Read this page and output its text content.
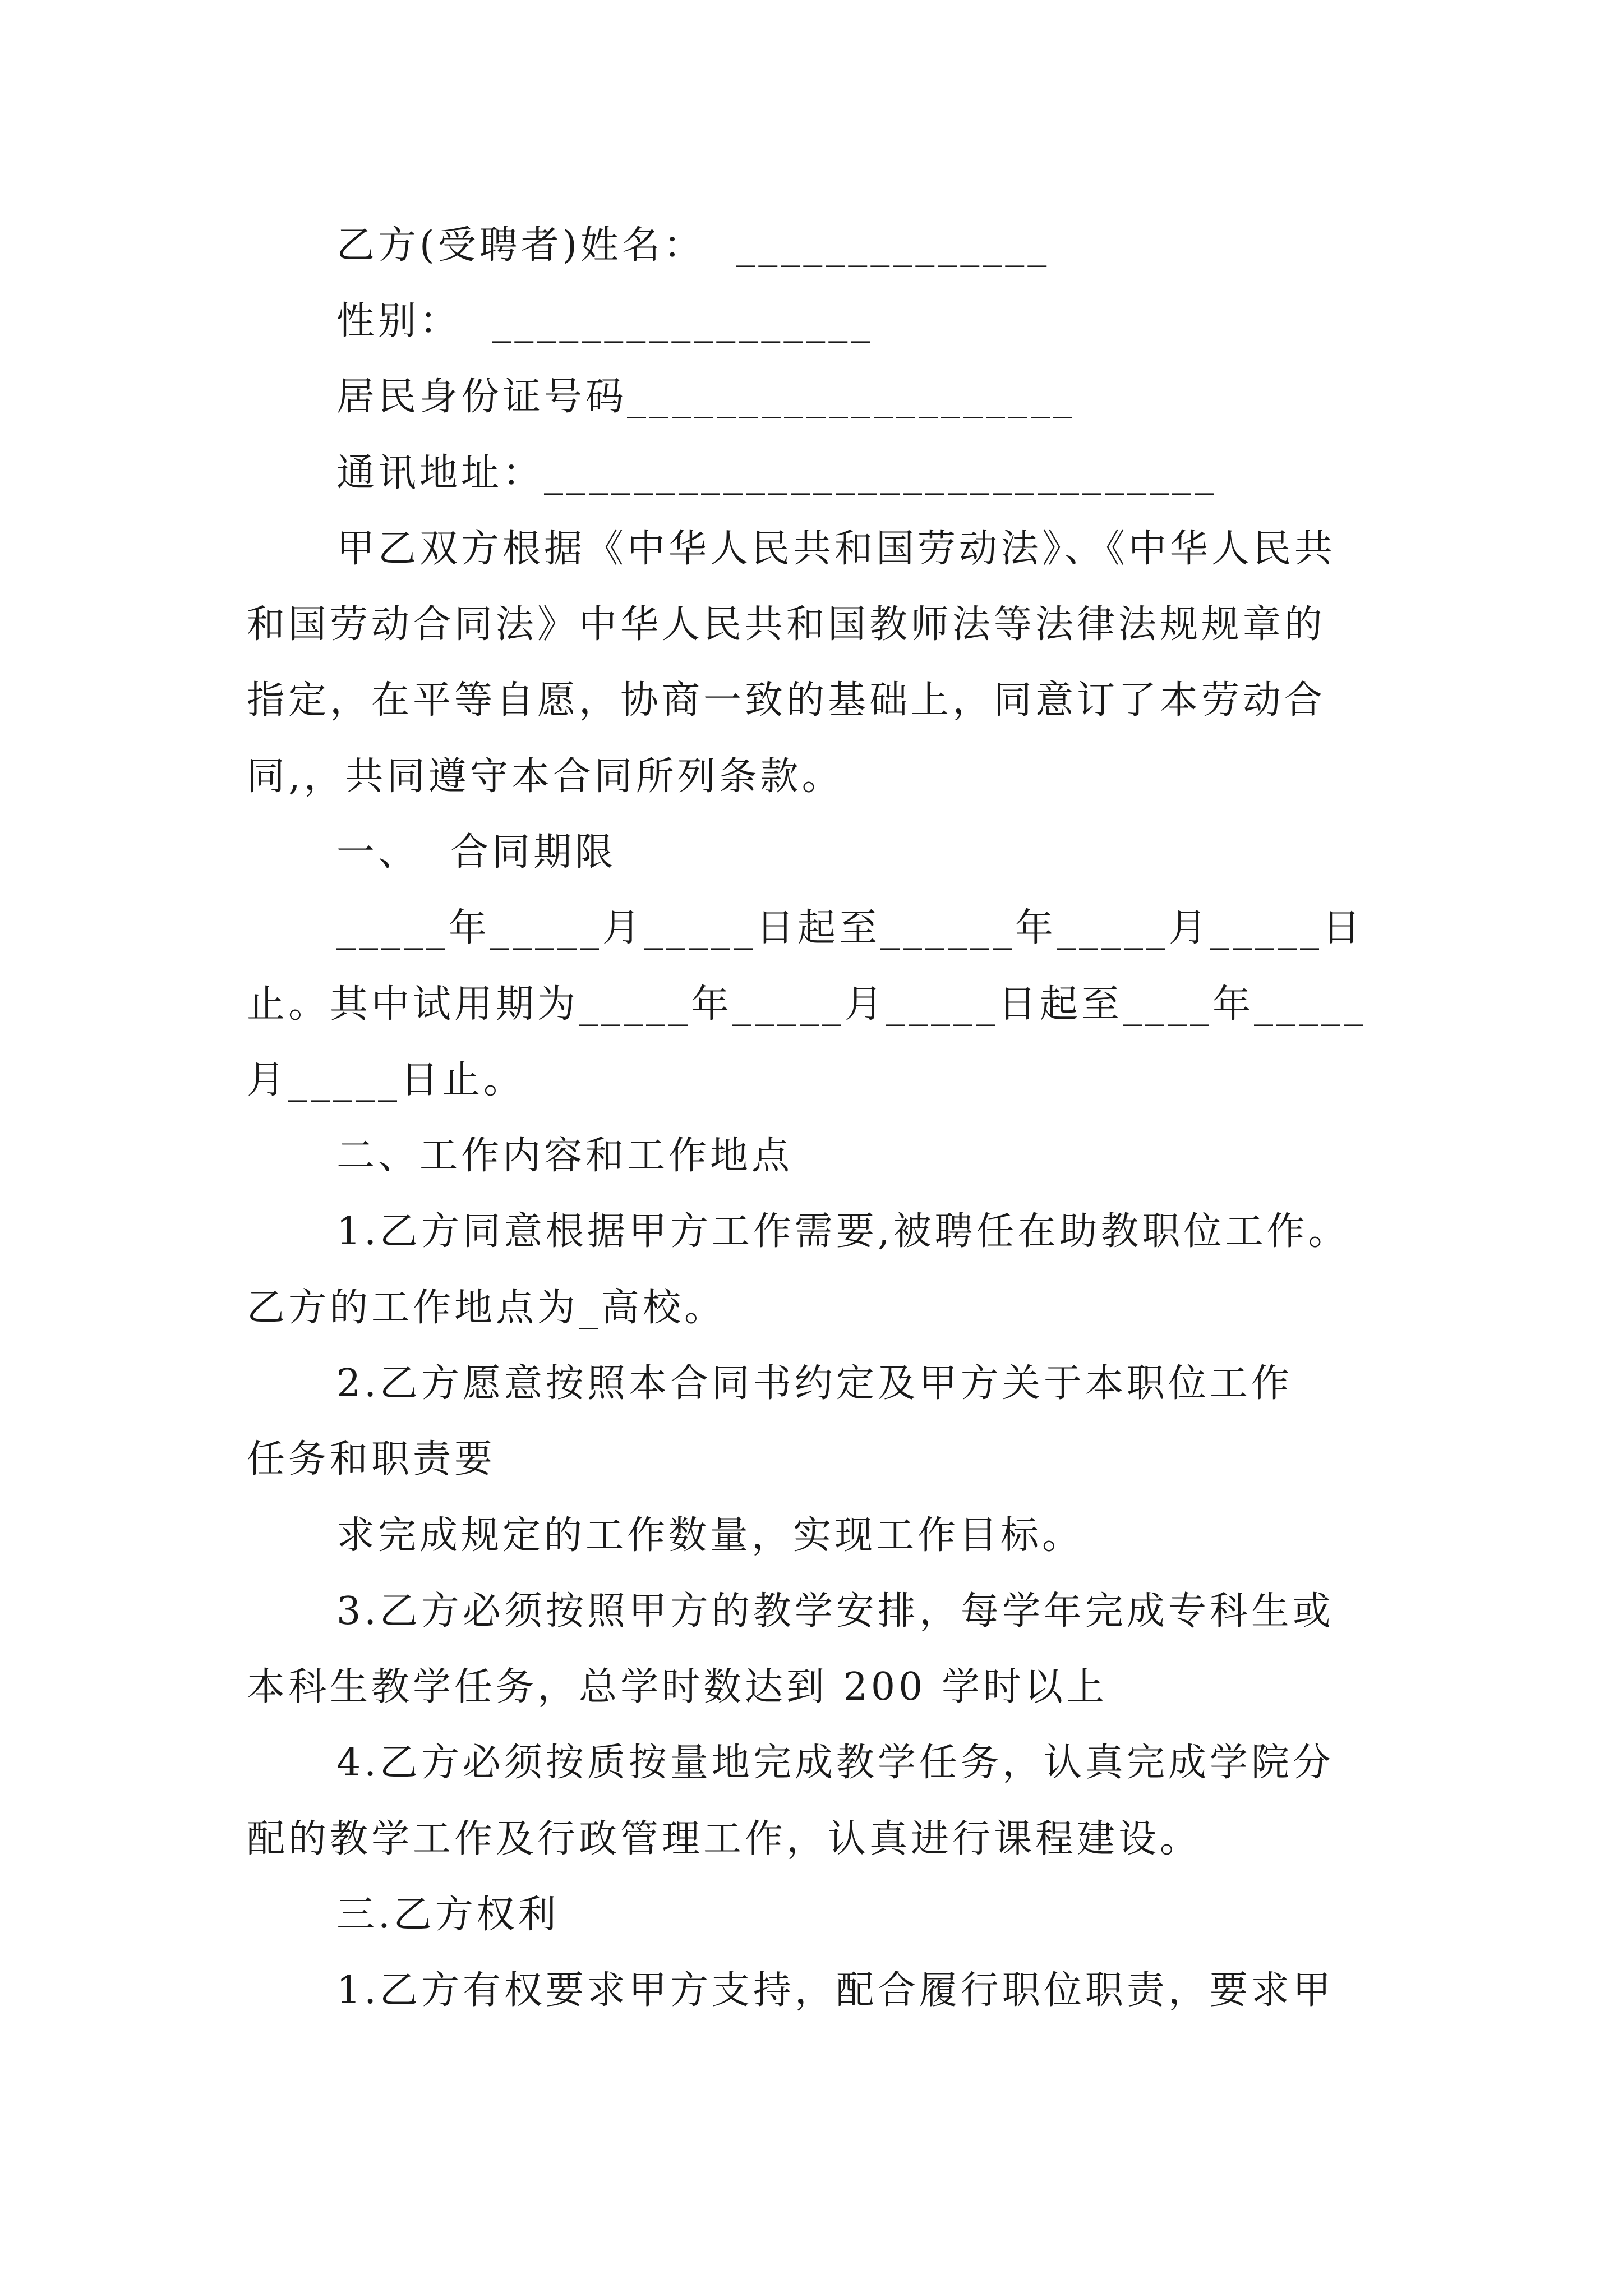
乙方(受聘者)姓名：  ______________
性别：  _________________
居民身份证号码____________________
通讯地址：______________________________
甲乙双方根据《中华人民共和国劳动法》、《中华人民共
和国劳动合同法》中华人民共和国教师法等法律法规规章的
指定，在平等自愿，协商一致的基础上，同意订了本劳动合
同,，共同遵守本合同所列条款。
一、  合同期限
_____年_____月_____日起至______年_____月_____日
止。其中试用期为_____年_____月_____日起至____年_____
月_____日止。
二、工作内容和工作地点
1.乙方同意根据甲方工作需要,被聘任在助教职位工作。
乙方的工作地点为_高校。
2.乙方愿意按照本合同书约定及甲方关于本职位工作
任务和职责要
求完成规定的工作数量，实现工作目标。
3.乙方必须按照甲方的教学安排，每学年完成专科生或
本科生教学任务，总学时数达到 200 学时以上
4.乙方必须按质按量地完成教学任务，认真完成学院分
配的教学工作及行政管理工作，认真进行课程建设。
三.乙方权利
1.乙方有权要求甲方支持，配合履行职位职责，要求甲
